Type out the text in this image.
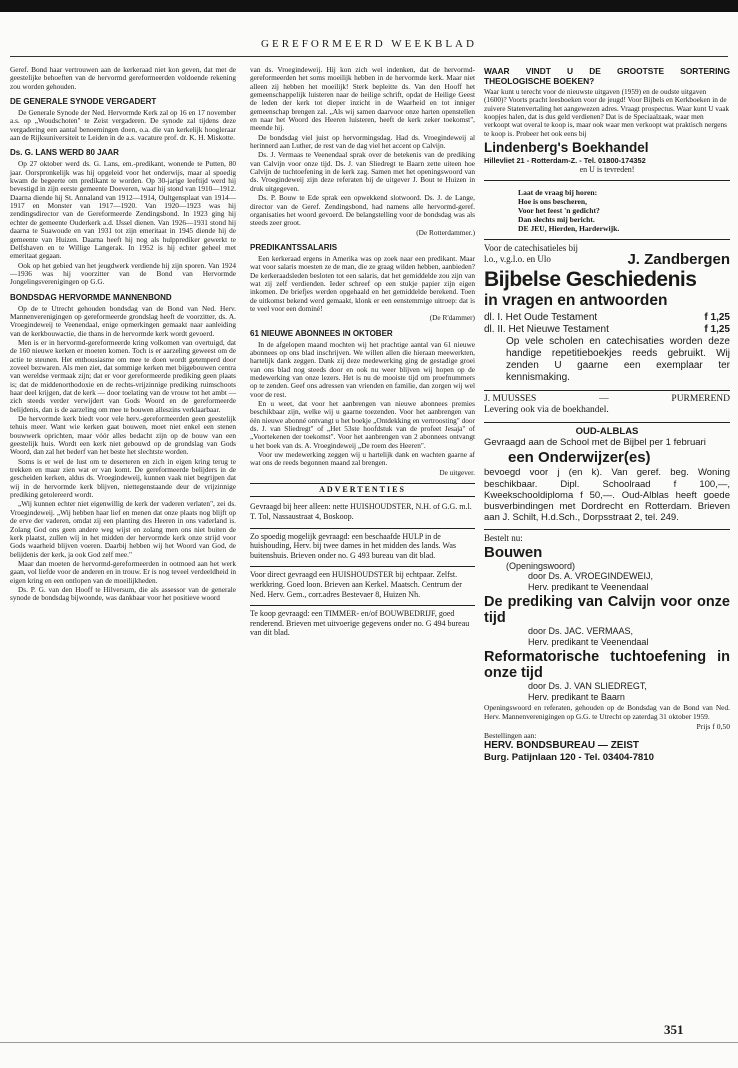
GEREFORMEERD WEEKBLAD

Geref. Bond haar vertrouwen aan de kerkeraad niet kon geven, dat met de geestelijke behoeften van de hervormd gereformeerden voldoende rekening zou worden gehouden.

DE GENERALE SYNODE VERGADERT

De Generale Synode der Ned. Hervormde Kerk zal op 16 en 17 november a.s. op „Woudschoten" te Zeist vergaderen. De synode zal tijdens deze vergadering een aantal benoemingen doen, o.a. die van kerkelijk hoogleraar aan de Rijksuniversiteit te Leiden in de a.s. vacature prof. dr. K. H. Miskotte.

Ds. G. LANS WERD 80 JAAR

Op 27 oktober werd ds. G. Lans, em.-predikant, wonende te Putten, 80 jaar. Oorspronkelijk was hij opgeleid voor het onderwijs, maar al spoedig kwam de begeerte om predikant te worden. Op 30-jarige leeftijd werd hij bevestigd in zijn eerste gemeente Doeveren, waar hij stond van 1910—1912. Daarna diende hij St. Annaland van 1912—1914, Oultgensplaat van 1914—1917 en Monster van 1917—1920. Van 1920—1923 was hij zendingsdirector van de Gereformeerde Zendingsbond. In 1923 ging hij echter de gemeente Ouderkerk a.d. IJssel dienen. Van 1926—1931 stond hij daarna te Suawoude en van 1931 tot zijn emeritaat in 1945 diende hij de gemeente van Huizen. Daarna heeft hij nog als hulpprediker gewerkt te Delfshaven en te Willige Langerak. In 1952 is hij echter geheel met emeritaat gegaan.

Ook op het gebied van het jeugdwerk verdiende hij zijn sporen. Van 1924—1936 was hij voorzitter van de Bond van Hervormde Jongelingsverenigingen op G.G.

BONDSDAG HERVORMDE MANNENBOND

Op de te Utrecht gehouden bondsdag van de Bond van Ned. Herv. Mannenverenigingen op gereformeerde grondslag heeft de voorzitter, ds. A. Vroegindeweij te Veenendaal, enige opmerkingen gemaakt naar aanleiding van de kerkbouwactie, die thans in de hervormde kerk wordt gevoerd.

Men is er in hervormd-gereformeerde kring volkomen van overtuigd, dat de 160 nieuwe kerken er moeten komen. Toch is er aarzeling geweest om de actie te steunen. Het enthousiasme om mee te doen wordt getemperd door zoveel bezwaren. Als men ziet, dat sommige kerken met bijgebouwen centra van wereldse vermaak zijn; dat er voor gereformeerde prediking geen plaats is; dat de middenorthodoxie en de rechts-vrijzinnige prediking ruimschoots haar deel krijgen, dat de kerk — door toelating van de vrouw tot het ambt — zich steeds verder verwijdert van Gods Woord en de gereformeerde belijdenis, dan is de aarzeling om mee te bouwen alleszins verklaarbaar.

De hervormde kerk biedt voor vele herv.-gereformeerden geen geestelijk tehuis meer. Want wie kerken gaat bouwen, moet niet enkel een stenen bouwwerk oprichten, maar vóór alles bedacht zijn op de bouw van een geestelijk huis. Wordt een kerk niet gebouwd op de grondslag van Gods Woord, dan zal het bederf van het beste het slechtste worden.

Soms is er wel de lust om te deserteren en zich in eigen kring terug te trekken en maar zien wat er van komt. De gereformeerde belijders in de gescheiden kerken, aldus ds. Vroegindeweij, kunnen vaak niet begrijpen dat wij in de hervormde kerk blijven, niettegenstaande deur de vrijzinnige prediking getolereerd wordt.

„Wij kunnen echter niet eigenwillig de kerk der vaderen verlaten", zei ds. Vroegindeweij. „Wij hebben haar lief en menen dat onze plaats nog blijft op de erve der vaderen, omdat zij een planting des Heeren in ons vaderland is. Zolang God ons geen andere weg wijst en zolang men ons niet buiten de kerk plaatst, zullen wij in het midden der hervormde kerk onze strijd voor Gods waarheid blijven voeren. Daarbij hebben wij het Woord van God, de belijdenis der kerk, ja ook God zelf mee."

Maar dan moeten de hervormd-gereformeerden in ootmoed aan het werk gaan, vol liefde voor de anderen en in trouw. Er is nog teveel verdeeldheid in eigen kring en een ontlopen van de moeilijkheden.

Ds. P. G. van den Hooff te Hilversum, die als assessor van de generale synode de bondsdag bijwoonde, was dankbaar voor het positieve woord

van ds. Vroegindeweij. Hij kon zich wel indenken, dat de hervormd-gereformeerden het soms moeilijk hebben in de hervormde kerk. Maar niet alleen zij hebben het moeilijk! Sterk bepleitte ds. Van den Hooff het gemeenschappelijk luisteren naar de heilige schrift, opdat de Heilige Geest de leden der kerk tot dieper inzicht in de Waarheid en tot inniger gemeenschap brengen zal. „Als wij samen daarvoor onze harten openstellen en naar het Woord des Heeren luisteren, heeft de kerk zeker toekomst", meende hij.

De bondsdag viel juist op hervormingsdag. Had ds. Vroegindeweij al herinnerd aan Luther, de rest van de dag viel het accent op Calvijn.

Ds. J. Vermaas te Veenendaal sprak over de betekenis van de prediking van Calvijn voor onze tijd. Ds. J. van Sliedregt te Baarn zette uiteen hoe Calvijn de tuchtoefening in de kerk zag. Samen met het openingswoord van ds. Vroegindeweij zijn deze referaten bij de uitgever J. Bout te Huizen in druk uitgegeven.

Ds. P. Bouw te Ede sprak een opwekkend slotwoord. Ds. J. de Lange, director van de Geref. Zendingsbond, had namens alle hervormd-geref. organisaties het woord gevoerd. De belangstelling voor de bondsdag was als steeds zeer groot.

(De Rotterdammer.)

PREDIKANTSSALARIS

Een kerkeraad ergens in Amerika was op zoek naar een predikant. Maar wat voor salaris moesten ze de man, die ze graag wilden hebben, aanbieden? De kerkeraadsleden besloten tot een salaris, dat het gemiddelde zou zijn van wat zij zelf verdienden. Ieder schreef op een stukje papier zijn eigen inkomen. De briefjes werden opgehaald en het gemiddelde berekend. Toen de uitkomst bekend werd gemaakt, klonk er een eenstemmige uitroep: dat is te veel voor een dominé!

(De R'dammer)

61 NIEUWE ABONNEES IN OKTOBER

In de afgelopen maand mochten wij het prachtige aantal van 61 nieuwe abonnees op ons blad inschrijven. We willen allen die hieraan meewerkten, hartelijk dank zeggen. Dank zij deze medewerking ging de gestadige groei van ons blad nog steeds door en ook nu weer blijven wij hopen op de medewerking van onze lezers. Het is nu de mooiste tijd om proefnummers op te zenden. Geef ons adressen van vrienden en familie, dan zorgen wij wel voor de rest.

En u weet, dat voor het aanbrengen van nieuwe abonnees premies beschikbaar zijn, welke wij u gaarne toezenden. Voor het aanbrengen van één nieuwe abonné ontvangt u het boekje „Ontdekking en vertroosting" door ds. J. van Sliedregt" of „Het 53ste hoofdstuk van de profeet Jesaja" of „Voortekenen der toekomst". Voor het aanbrengen van 2 abonnees ontvangt u het boek van ds. A. Vroegindeweij „De roem des Heeren".

Voor uw medewerking zeggen wij u hartelijk dank en wachten gaarne af wat ons de reeds begonnen maand zal brengen.

De uitgever.

ADVERTENTIES
Gevraagd bij heer alleen: nette HUISHOUDSTER, N.H. of G.G. m.l. T. Tol, Nassaustraat 4, Boskoop.
Zo spoedig mogelijk gevraagd: een beschaafde HULP in de huishouding, Herv. bij twee dames in het midden des lands. Was buitenshuis. Brieven onder no. G 493 bureau van dit blad.
Voor direct gevraagd een HUISHOUDSTER bij echtpaar. Zelfst. werkkring. Goed loon. Brieven aan Kerkel. Maatsch. Centrum der Ned. Herv. Gem., corr.adres Bestevaer 8, Huizen Nh.
Te koop gevraagd: een TIMMER- en/of BOUWBEDRIJF, goed renderend. Brieven met uitvoerige gegevens onder no. G 494 bureau van dit blad.
WAAR VINDT U DE GROOTSTE SORTERING THEOLOGISCHE BOEKEN?

Waar kunt u terecht voor de nieuwste uitgaven (1959) en de oudste uitgaven (1600)? Voorts pracht leesboeken voor de jeugd! Voor Bijbels en Kerkboeken in de zuivere Statenvertaling het aangewezen adres. Vraagt prospectus. Waar kunt U vaak koopjes halen, dat is dus geld verdienen? Dat is de Speciaalzaak, waar men verkoopt wat overal te koop is, maar ook waar men verkoopt wat praktisch nergens te koop is. Probeer het ook eens bij

Lindenberg's Boekhandel
Hillevliet 21 - Rotterdam-Z. - Tel. 01800-174352
en U is tevreden!
Laat de vraag bij horen:
Hoe is ons bescheren,
Voor het feest 'n gedicht?
Dan slechts mij bericht.
DE JEU, Hierden, Harderwijk.
Voor de catechisatieles bij
l.o., v.g.l.o. en Ulo	J. Zandbergen
Bijbelse Geschiedenis
in vragen en antwoorden
dl. I. Het Oude Testament	f 1,25
dl. II. Het Nieuwe Testament	f 1,25
Op vele scholen en catechisaties worden deze handige repetitieboekjes reeds gebruikt. Wij zenden U gaarne een exemplaar ter kennismaking.
J. MUUSSES	—	PURMEREND
Levering ook via de boekhandel.
OUD-ALBLAS
Gevraagd aan de School met de Bijbel per 1 februari
een Onderwijzer(es)
bevoegd voor j (en k). Van geref. beg. Woning beschikbaar. Dipl. Schoolraad f 100,—, Kweekschooldiploma f 50,—. Oud-Alblas heeft goede busverbindingen met Dordrecht en Rotterdam. Brieven aan J. Schilt, H.d.Sch., Dorpsstraat 2, tel. 249.
Bestelt nu:
Bouwen
(Openingswoord)
door Ds. A. VROEGINDEWEIJ,
Herv. predikant te Veenendaal
De prediking van Calvijn voor onze tijd
door Ds. JAC. VERMAAS,
Herv. predikant te Veenendaal
Reformatorische tuchtoefening in onze tijd
door Ds. J. VAN SLIEDREGT,
Herv. predikant te Baarn
Openingswoord en referaten, gehouden op de Bondsdag van de Bond van Ned. Herv. Mannenverenigingen op G.G. te Utrecht op zaterdag 31 oktober 1959.
Prijs f 0,50
Bestellingen aan:
HERV. BONDSBUREAU — ZEIST
Burg. Patijnlaan 120 - Tel. 03404-7810
351
